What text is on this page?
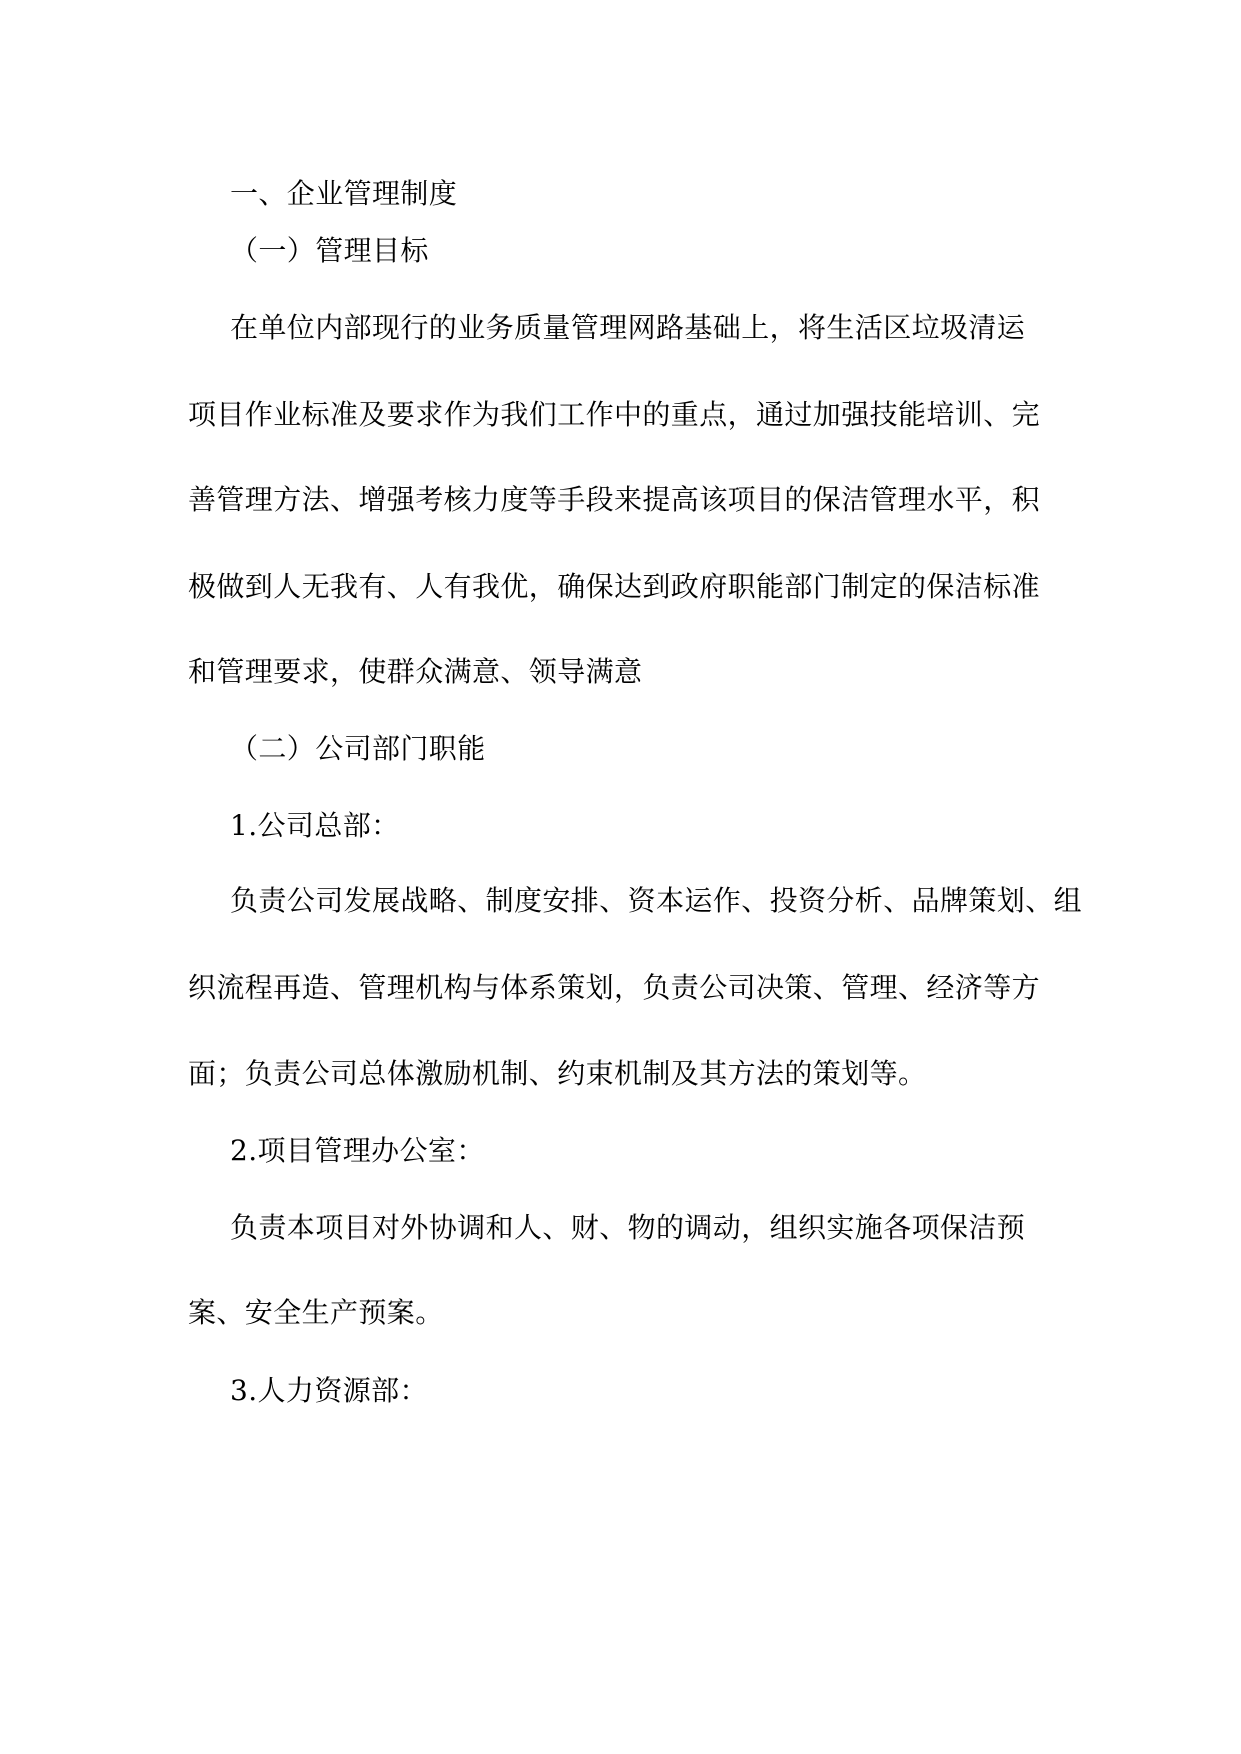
一、企业管理制度
（一）管理目标
在单位内部现行的业务质量管理网路基础上，将生活区垃圾清运
项目作业标准及要求作为我们工作中的重点，通过加强技能培训、完
善管理方法、增强考核力度等手段来提高该项目的保洁管理水平，积
极做到人无我有、人有我优，确保达到政府职能部门制定的保洁标准
和管理要求，使群众满意、领导满意
（二）公司部门职能
1.公司总部：
负责公司发展战略、制度安排、资本运作、投资分析、品牌策划、组
织流程再造、管理机构与体系策划，负责公司决策、管理、经济等方
面；负责公司总体激励机制、约束机制及其方法的策划等。
2.项目管理办公室：
负责本项目对外协调和人、财、物的调动，组织实施各项保洁预
案、安全生产预案。
3.人力资源部：
